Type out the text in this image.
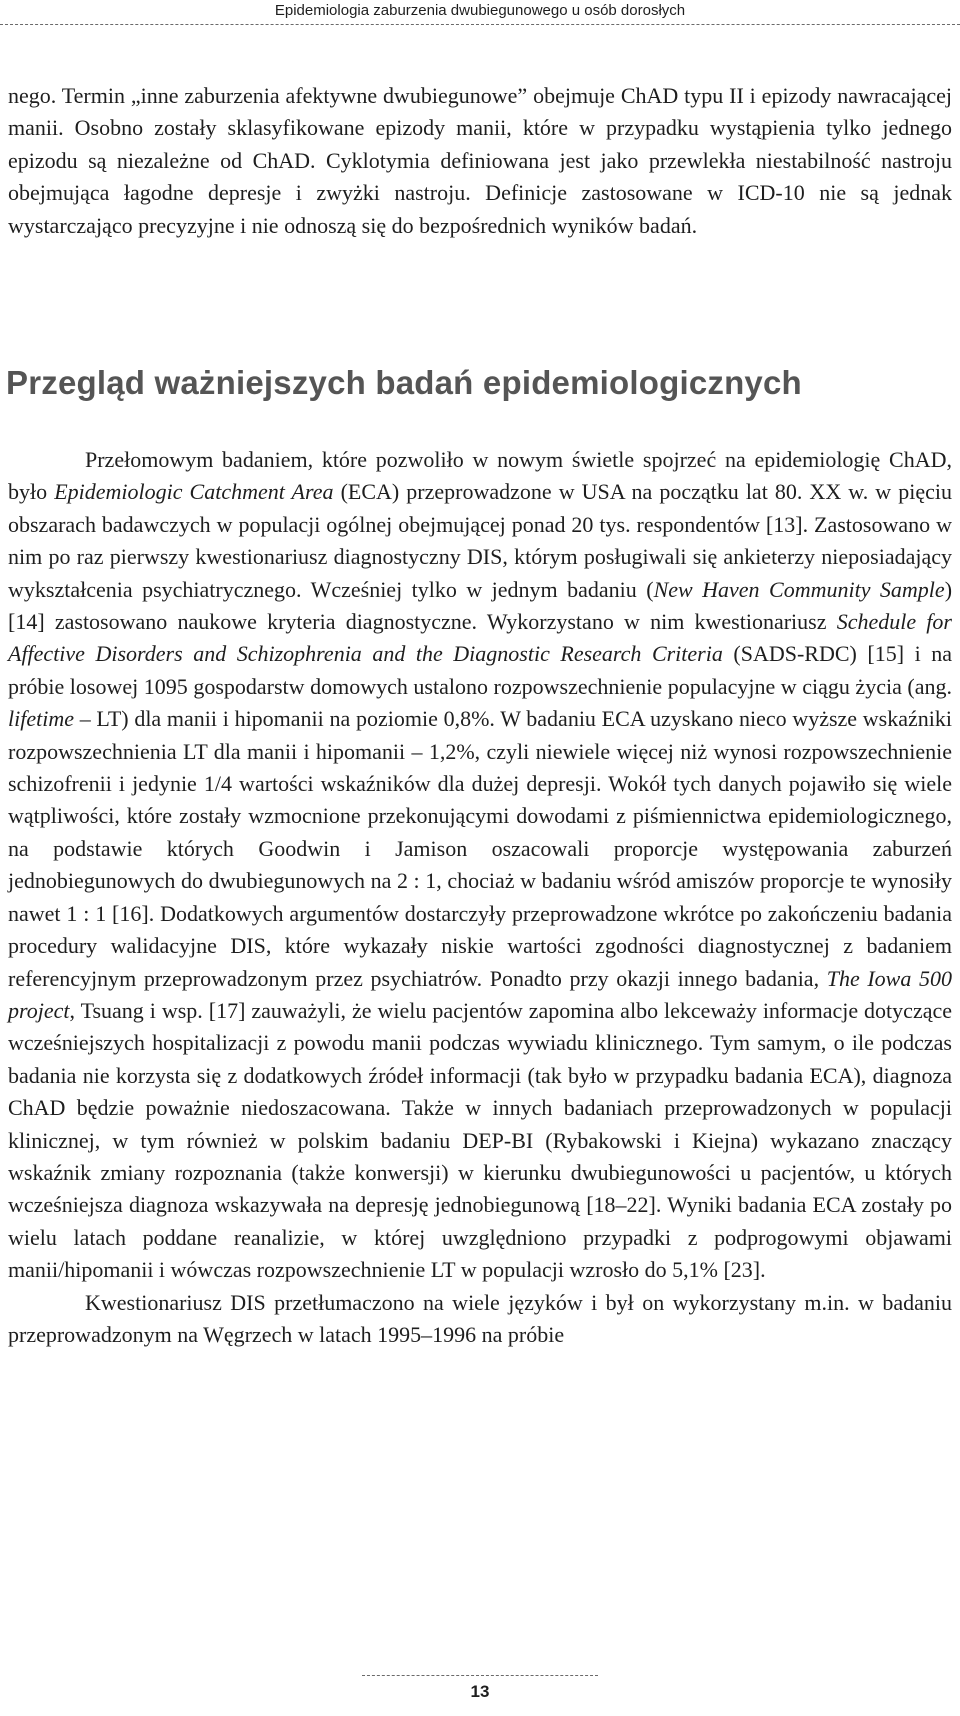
Epidemiologia zaburzenia dwubiegunowego u osób dorosłych

nego. Termin „inne zaburzenia afektywne dwubiegunowe” obejmuje ChAD typu II i epizody nawracającej manii. Osobno zostały sklasyfikowane epizody manii, które w przypadku wystąpienia tylko jednego epizodu są niezależne od ChAD. Cyklotymia definiowana jest jako przewlekła niestabilność nastroju obejmująca łagodne depresje i zwyżki nastroju. Definicje zastosowane w ICD-10 nie są jednak wystarczająco precyzyjne i nie odnoszą się do bezpośrednich wyników badań.

Przegląd ważniejszych badań epidemiologicznych

Przełomowym badaniem, które pozwoliło w nowym świetle spojrzeć na epidemiologię ChAD, było Epidemiologic Catchment Area (ECA) przeprowadzone w USA na początku lat 80. XX w. w pięciu obszarach badawczych w populacji ogólnej obejmującej ponad 20 tys. respondentów [13]. Zastosowano w nim po raz pierwszy kwestionariusz diagnostyczny DIS, którym posługiwali się ankieterzy nieposiadający wykształcenia psychiatrycznego. Wcześniej tylko w jednym badaniu (New Haven Community Sample) [14] zastosowano naukowe kryteria diagnostyczne. Wykorzystano w nim kwestionariusz Schedule for Affective Disorders and Schizophrenia and the Diagnostic Research Criteria (SADS-RDC) [15] i na próbie losowej 1095 gospodarstw domowych ustalono rozpowszechnienie populacyjne w ciągu życia (ang. lifetime – LT) dla manii i hipomanii na poziomie 0,8%. W badaniu ECA uzyskano nieco wyższe wskaźniki rozpowszechnienia LT dla manii i hipomanii – 1,2%, czyli niewiele więcej niż wynosi rozpowszechnienie schizofrenii i jedynie 1/4 wartości wskaźników dla dużej depresji. Wokół tych danych pojawiło się wiele wątpliwości, które zostały wzmocnione przekonującymi dowodami z piśmiennictwa epidemiologicznego, na podstawie których Goodwin i Jamison oszacowali proporcje występowania zaburzeń jednobiegunowych do dwubiegunowych na 2 : 1, chociaż w badaniu wśród amiszów proporcje te wynosiły nawet 1 : 1 [16]. Dodatkowych argumentów dostarczyły przeprowadzone wkrótce po zakończeniu badania procedury walidacyjne DIS, które wykazały niskie wartości zgodności diagnostycznej z badaniem referencyjnym przeprowadzonym przez psychiatrów. Ponadto przy okazji innego badania, The Iowa 500 project, Tsuang i wsp. [17] zauważyli, że wielu pacjentów zapomina albo lekceważy informacje dotyczące wcześniejszych hospitalizacji z powodu manii podczas wywiadu klinicznego. Tym samym, o ile podczas badania nie korzysta się z dodatkowych źródeł informacji (tak było w przypadku badania ECA), diagnoza ChAD będzie poważnie niedoszacowana. Także w innych badaniach przeprowadzonych w populacji klinicznej, w tym również w polskim badaniu DEP-BI (Rybakowski i Kiejna) wykazano znaczący wskaźnik zmiany rozpoznania (także konwersji) w kierunku dwubiegunowości u pacjentów, u których wcześniejsza diagnoza wskazywała na depresję jednobiegunową [18–22]. Wyniki badania ECA zostały po wielu latach poddane reanalizie, w której uwzględniono przypadki z podprogowymi objawami manii/hipomanii i wówczas rozpowszechnienie LT w populacji wzrosło do 5,1% [23].

Kwestionariusz DIS przetłumaczono na wiele języków i był on wykorzystany m.in. w badaniu przeprowadzonym na Węgrzech w latach 1995–1996 na próbie

13
